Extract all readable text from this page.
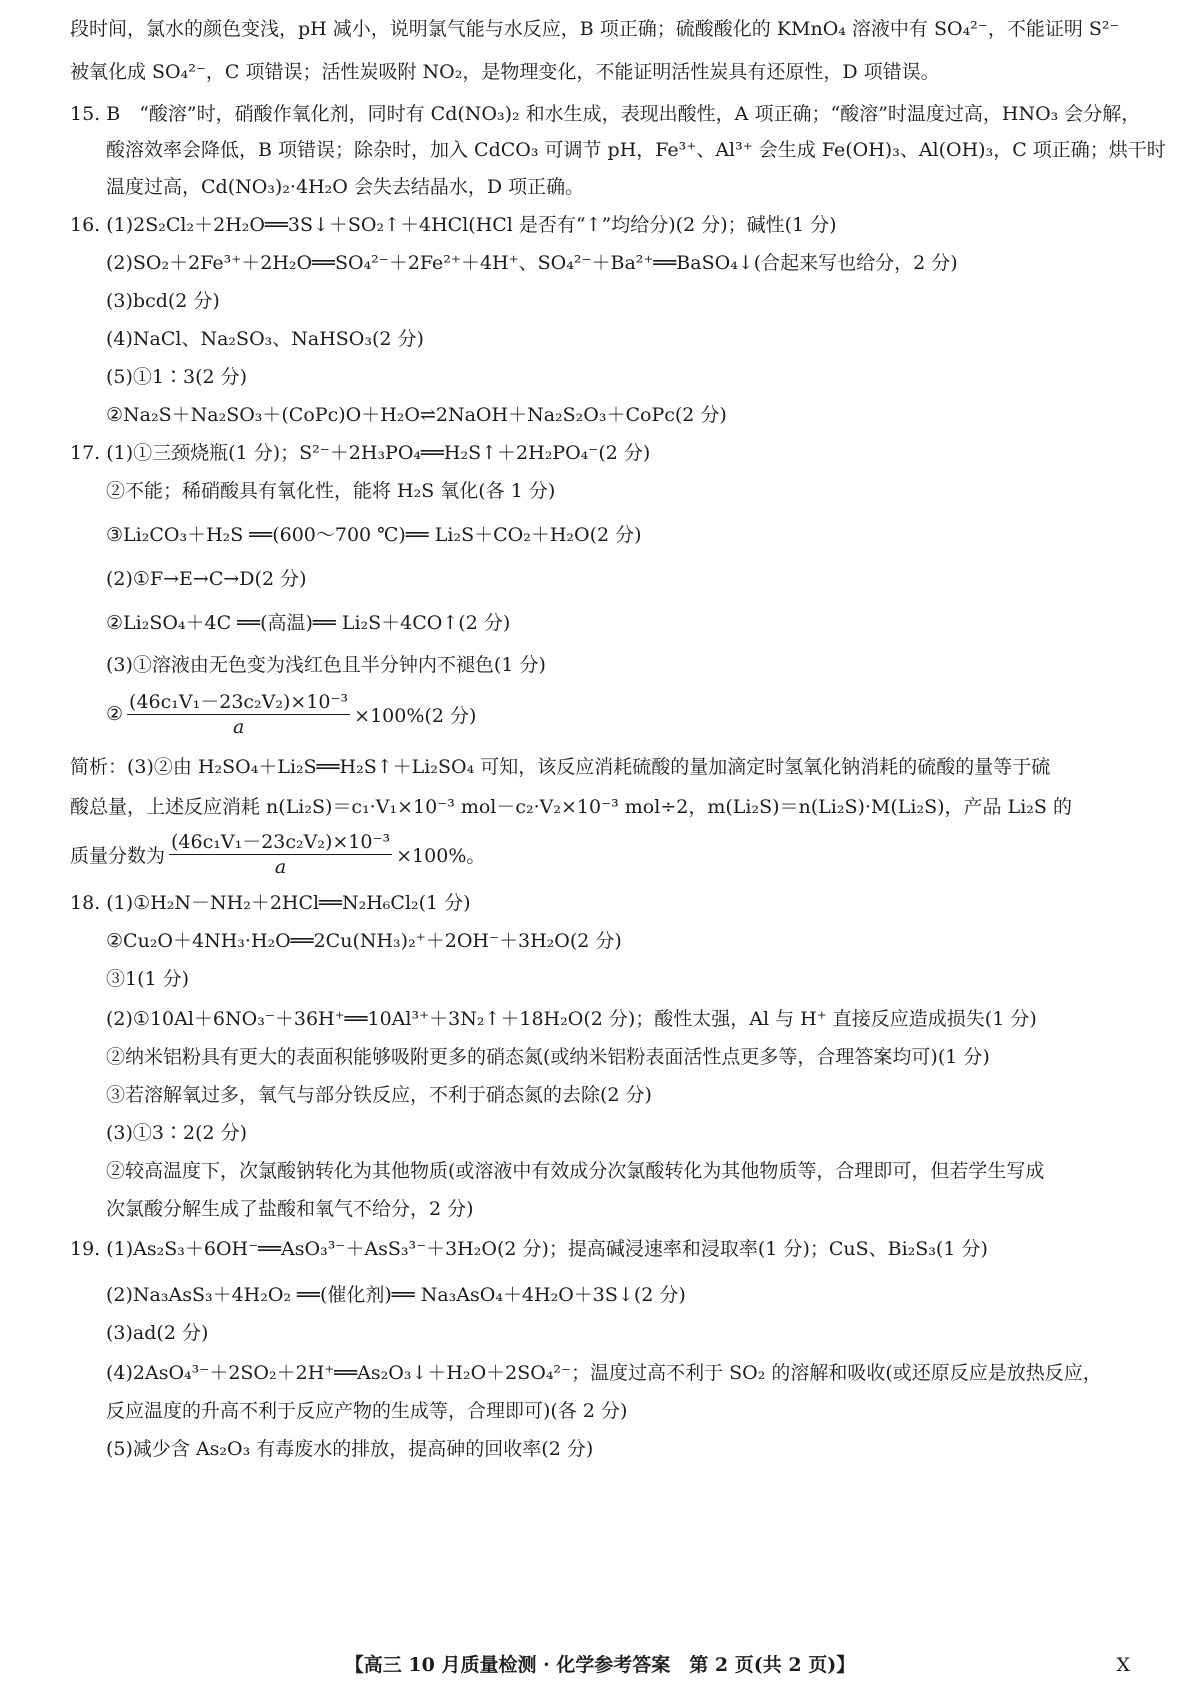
段时间，氯水的颜色变浅，pH 减小，说明氯气能与水反应，B 项正确；硫酸酸化的 KMnO₄ 溶液中有 SO₄²⁻，不能证明 S²⁻
被氧化成 SO₄²⁻，C 项错误；活性炭吸附 NO₂，是物理变化，不能证明活性炭具有还原性，D 项错误。
15. B　“酸溶”时，硝酸作氧化剂，同时有 Cd(NO₃)₂ 和水生成，表现出酸性，A 项正确；“酸溶”时温度过高，HNO₃ 会分解，
酸溶效率会降低，B 项错误；除杂时，加入 CdCO₃ 可调节 pH，Fe³⁺、Al³⁺ 会生成 Fe(OH)₃、Al(OH)₃，C 项正确；烘干时
温度过高，Cd(NO₃)₂·4H₂O 会失去结晶水，D 项正确。
16. (1)2S₂Cl₂＋2H₂O══3S↓＋SO₂↑＋4HCl(HCl 是否有“↑”均给分)(2 分)；碱性(1 分)
(2)SO₂＋2Fe³⁺＋2H₂O══SO₄²⁻＋2Fe²⁺＋4H⁺、SO₄²⁻＋Ba²⁺══BaSO₄↓(合起来写也给分，2 分)
(3)bcd(2 分)
(4)NaCl、Na₂SO₃、NaHSO₃(2 分)
(5)①1∶3(2 分)
②Na₂S＋Na₂SO₃＋(CoPc)O＋H₂O⇌2NaOH＋Na₂S₂O₃＋CoPc(2 分)
17. (1)①三颈烧瓶(1 分)；S²⁻＋2H₃PO₄══H₂S↑＋2H₂PO₄⁻(2 分)
②不能；稀硝酸具有氧化性，能将 H₂S 氧化(各 1 分)
③Li₂CO₃＋H₂S ══(600～700 ℃)══ Li₂S＋CO₂＋H₂O(2 分)
(2)①F→E→C→D(2 分)
②Li₂SO₄＋4C ══(高温)══ Li₂S＋4CO↑(2 分)
(3)①溶液由无色变为浅红色且半分钟内不褪色(1 分)
② $\frac{\text{(46c₁V₁－23c₂V₂)×10⁻³}}{a} \times 100\%(2$ 分)
简析：(3)②由 H₂SO₄＋Li₂S══H₂S↑＋Li₂SO₄ 可知，该反应消耗硫酸的量加滴定时氢氧化钠消耗的硫酸的量等于硫
酸总量，上述反应消耗 n(Li₂S)＝c₁·V₁×10⁻³ mol－c₂·V₂×10⁻³ mol÷2，m(Li₂S)＝n(Li₂S)·M(Li₂S)，产品 Li₂S 的
质量分数为 $\frac{\text{(46c₁V₁－23c₂V₂)×10⁻³}}{a} \times 100\%$。
18. (1)①H₂N－NH₂＋2HCl══N₂H₆Cl₂(1 分)
②Cu₂O＋4NH₃·H₂O══2Cu(NH₃)₂⁺＋2OH⁻＋3H₂O(2 分)
③1(1 分)
(2)①10Al＋6NO₃⁻＋36H⁺══10Al³⁺＋3N₂↑＋18H₂O(2 分)；酸性太强，Al 与 H⁺ 直接反应造成损失(1 分)
②纳米铝粉具有更大的表面积能够吸附更多的硝态氮(或纳米铝粉表面活性点更多等，合理答案均可)(1 分)
③若溶解氧过多，氧气与部分铁反应，不利于硝态氮的去除(2 分)
(3)①3∶2(2 分)
②较高温度下，次氯酸钠转化为其他物质(或溶液中有效成分次氯酸转化为其他物质等，合理即可，但若学生写成
次氯酸分解生成了盐酸和氧气不给分，2 分)
19. (1)As₂S₃＋6OH⁻══AsO₃³⁻＋AsS₃³⁻＋3H₂O(2 分)；提高碱浸速率和浸取率(1 分)；CuS、Bi₂S₃(1 分)
(2)Na₃AsS₃＋4H₂O₂ ══(催化剂)══ Na₃AsO₄＋4H₂O＋3S↓(2 分)
(3)ad(2 分)
(4)2AsO₄³⁻＋2SO₂＋2H⁺══As₂O₃↓＋H₂O＋2SO₄²⁻；温度过高不利于 SO₂ 的溶解和吸收(或还原反应是放热反应，
反应温度的升高不利于反应产物的生成等，合理即可)(各 2 分)
(5)减少含 As₂O₃ 有毒废水的排放，提高砷的回收率(2 分)
【高三 10 月质量检测 · 化学参考答案　第 2 页(共 2 页)】	X
